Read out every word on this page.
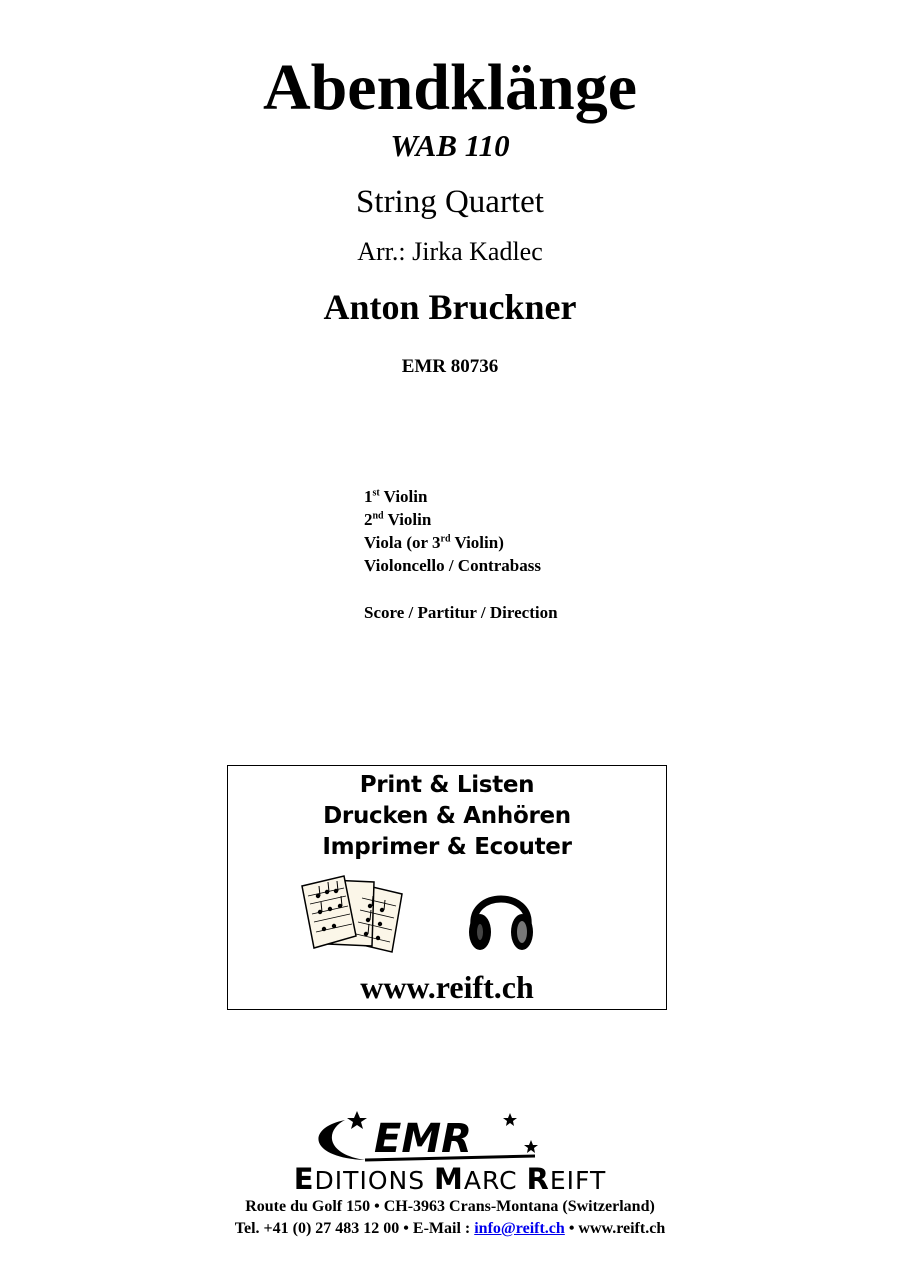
Abendklänge
WAB 110
String Quartet
Arr.: Jirka Kadlec
Anton Bruckner
EMR 80736
1st Violin
2nd Violin
Viola (or 3rd Violin)
Violoncello / Contrabass
Score / Partitur / Direction
Print & Listen
Drucken & Anhören
Imprimer & Ecouter
www.reift.ch
EMR
EDITIONS MARC REIFT
Route du Golf 150 • CH-3963 Crans-Montana (Switzerland)
Tel. +41 (0) 27 483 12 00 • E-Mail : info@reift.ch • www.reift.ch
